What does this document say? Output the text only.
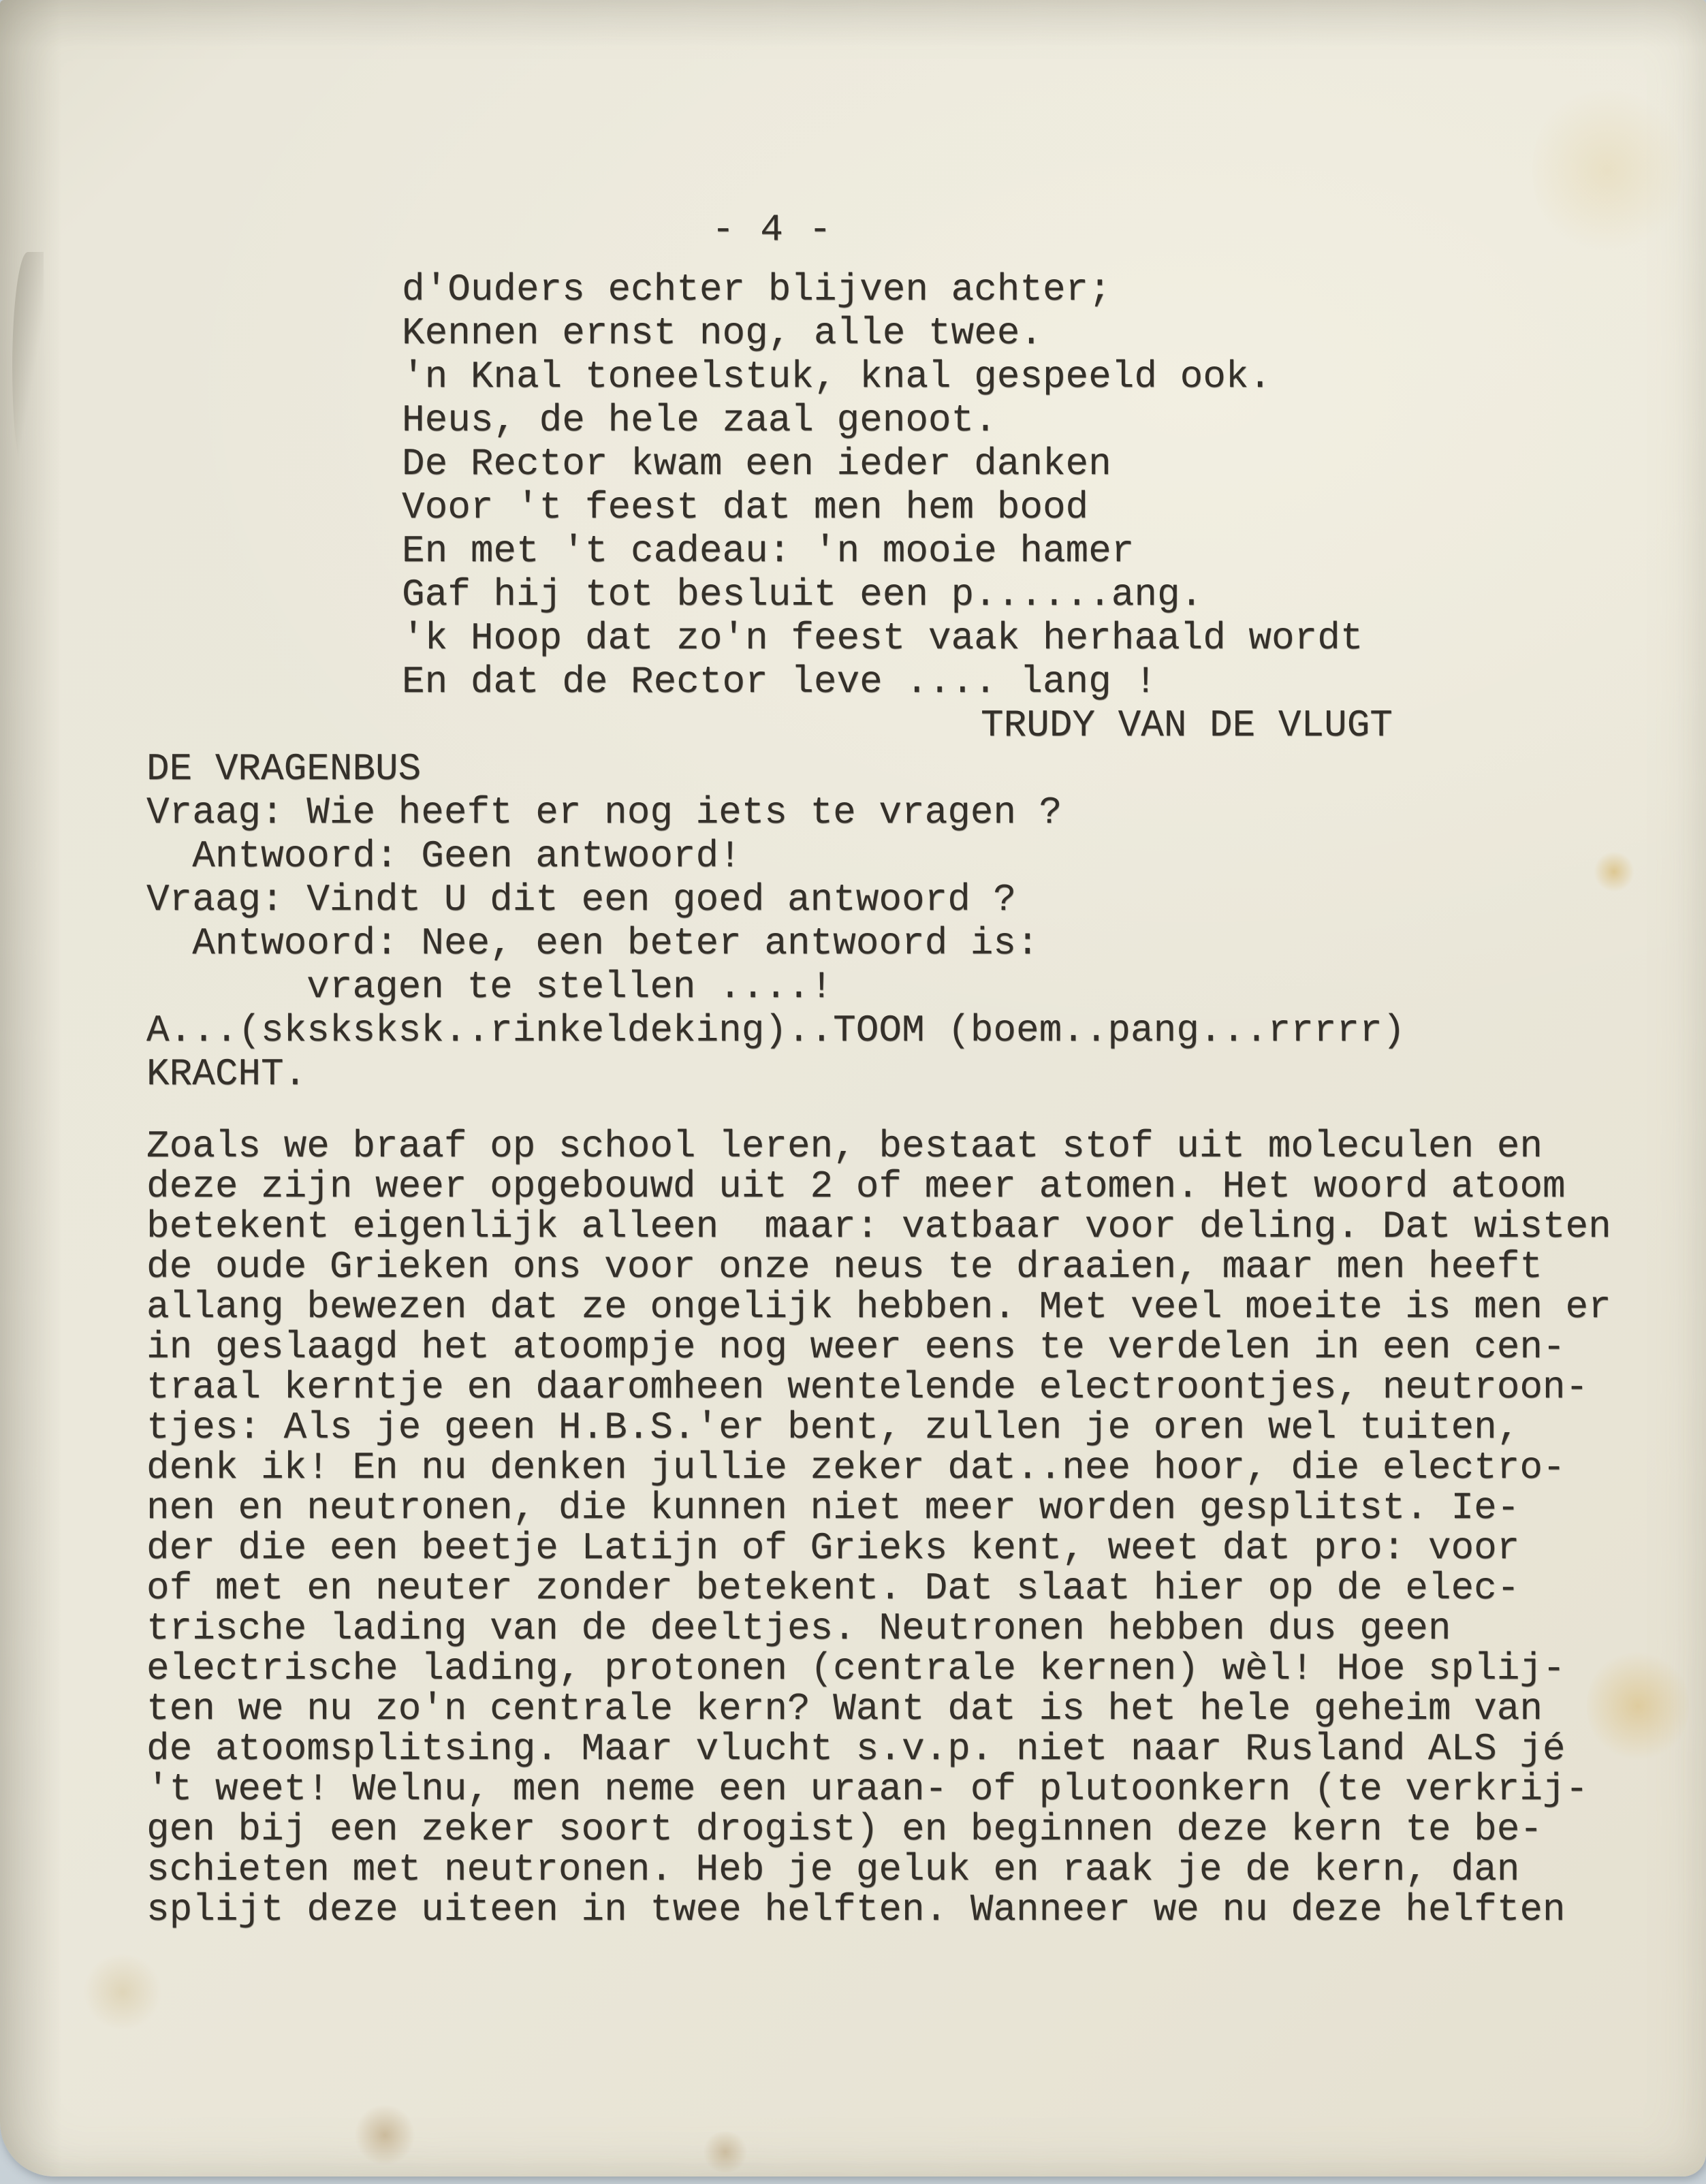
- 4 -
d'Ouders echter blijven achter;
Kennen ernst nog, alle twee.
'n Knal toneelstuk, knal gespeeld ook.
Heus, de hele zaal genoot.
De Rector kwam een ieder danken
Voor 't feest dat men hem bood
En met 't cadeau: 'n mooie hamer
Gaf hij tot besluit een p......ang.
'k Hoop dat zo'n feest vaak herhaald wordt
En dat de Rector leve .... lang !
TRUDY VAN DE VLUGT
DE VRAGENBUS
Vraag: Wie heeft er nog iets te vragen ?
Antwoord: Geen antwoord!
Vraag: Vindt U dit een goed antwoord ?
Antwoord: Nee, een beter antwoord is:
vragen te stellen ....!
A...(sksksksk..rinkeldeking)..TOOM (boem..pang...rrrrr)
KRACHT.
Zoals we braaf op school leren, bestaat stof uit moleculen en
deze zijn weer opgebouwd uit 2 of meer atomen. Het woord atoom
betekent eigenlijk alleen  maar: vatbaar voor deling. Dat wisten
de oude Grieken ons voor onze neus te draaien, maar men heeft
allang bewezen dat ze ongelijk hebben. Met veel moeite is men er
in geslaagd het atoompje nog weer eens te verdelen in een cen-
traal kerntje en daaromheen wentelende electroontjes, neutroon-
tjes: Als je geen H.B.S.'er bent, zullen je oren wel tuiten,
denk ik! En nu denken jullie zeker dat..nee hoor, die electro-
nen en neutronen, die kunnen niet meer worden gesplitst. Ie-
der die een beetje Latijn of Grieks kent, weet dat pro: voor
of met en neuter zonder betekent. Dat slaat hier op de elec-
trische lading van de deeltjes. Neutronen hebben dus geen
electrische lading, protonen (centrale kernen) wèl! Hoe splij-
ten we nu zo'n centrale kern? Want dat is het hele geheim van
de atoomsplitsing. Maar vlucht s.v.p. niet naar Rusland ALS jé
't weet! Welnu, men neme een uraan- of plutoonkern (te verkrij-
gen bij een zeker soort drogist) en beginnen deze kern te be-
schieten met neutronen. Heb je geluk en raak je de kern, dan
splijt deze uiteen in twee helften. Wanneer we nu deze helften
